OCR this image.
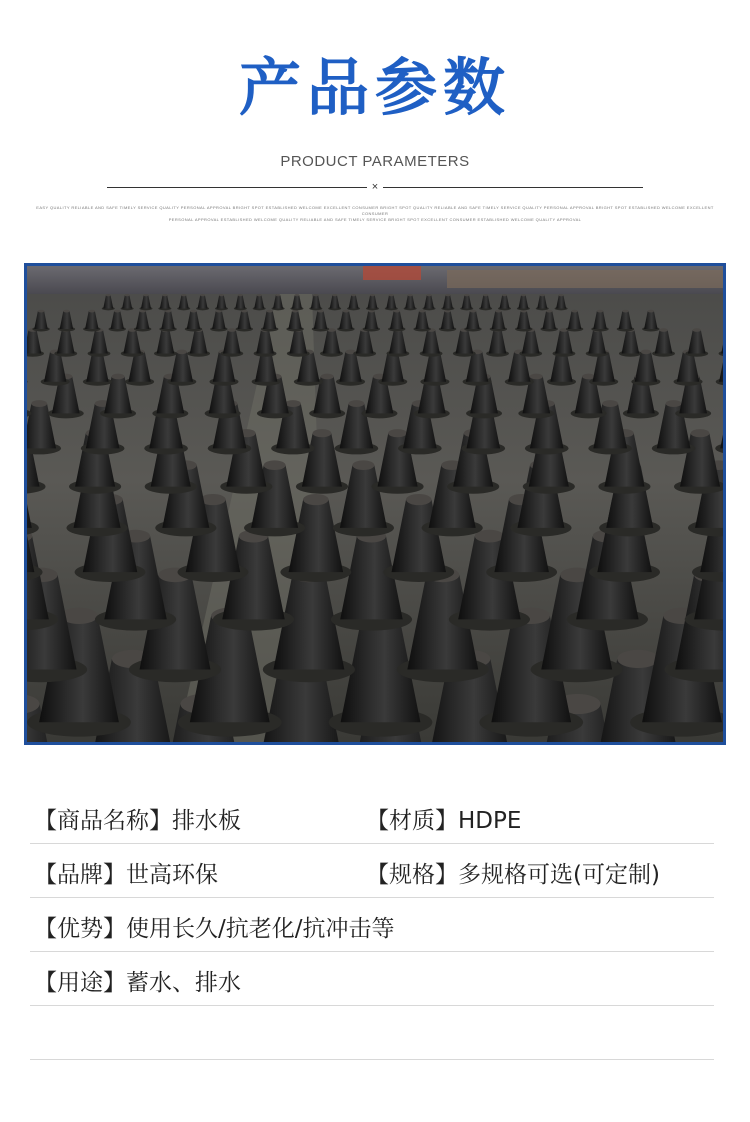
产品参数
PRODUCT PARAMETERS
×
EASY QUALITY RELIABLE AND SAFE TIMELY SERVICE QUALITY PERSONAL APPROVAL BRIGHT SPOT ESTABLISHED WELCOME EXCELLENT CONSUMER BRIGHT SPOT QUALITY RELIABLE AND SAFE TIMELY SERVICE QUALITY PERSONAL APPROVAL BRIGHT SPOT ESTABLISHED WELCOME EXCELLENT CONSUMER
PERSONAL APPROVAL ESTABLISHED WELCOME QUALITY RELIABLE AND SAFE TIMELY SERVICE BRIGHT SPOT EXCELLENT CONSUMER ESTABLISHED WELCOME QUALITY APPROVAL
【商品名称】排水板	【材质】HDPE
【品牌】世高环保	【规格】多规格可选(可定制)
【优势】使用长久/抗老化/抗冲击等
【用途】蓄水、排水
